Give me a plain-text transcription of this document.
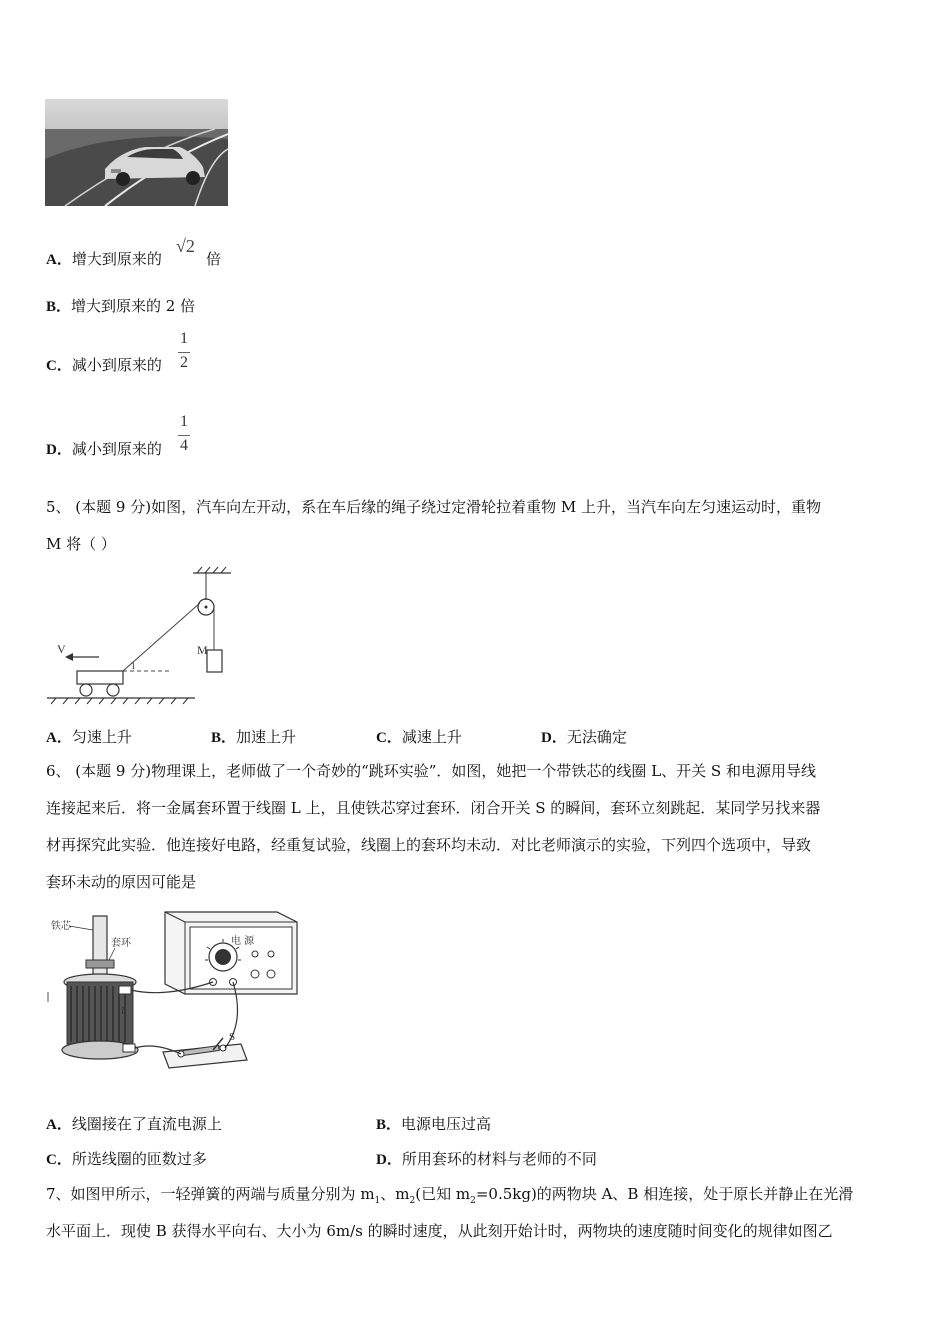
A．增大到原来的
√2
倍
B．增大到原来的 2 倍
C．减小到原来的
1
2
D．减小到原来的
1
4
5、 (本题 9 分)如图，汽车向左开动，系在车后缘的绳子绕过定滑轮拉着重物 M 上升，当汽车向左匀速运动时，重物
M 将（ ）
V	M
1
A．匀速上升	B．加速上升	C．减速上升	D．无法确定
6、 (本题 9 分)物理课上，老师做了一个奇妙的“跳环实验”．如图，她把一个带铁芯的线圈 L、开关 S 和电源用导线
连接起来后．将一金属套环置于线圈 L 上，且使铁芯穿过套环．闭合开关 S 的瞬间，套环立刻跳起．某同学另找来器
材再探究此实验．他连接好电路，经重复试验，线圈上的套环均未动．对比老师演示的实验，下列四个选项中，导致
套环未动的原因可能是
铁芯
套环	电 源
L
S
A．线圈接在了直流电源上	B．电源电压过高
C．所选线圈的匝数过多	D．所用套环的材料与老师的不同
7、如图甲所示，一轻弹簧的两端与质量分别为 $m_1$、$m_2$(已知 $m_2=0.5kg$)的两物块 A、B 相连接，处于原长并静止在光滑
水平面上．现使 B 获得水平向右、大小为 6m/s 的瞬时速度，从此刻开始计时，两物块的速度随时间变化的规律如图乙
